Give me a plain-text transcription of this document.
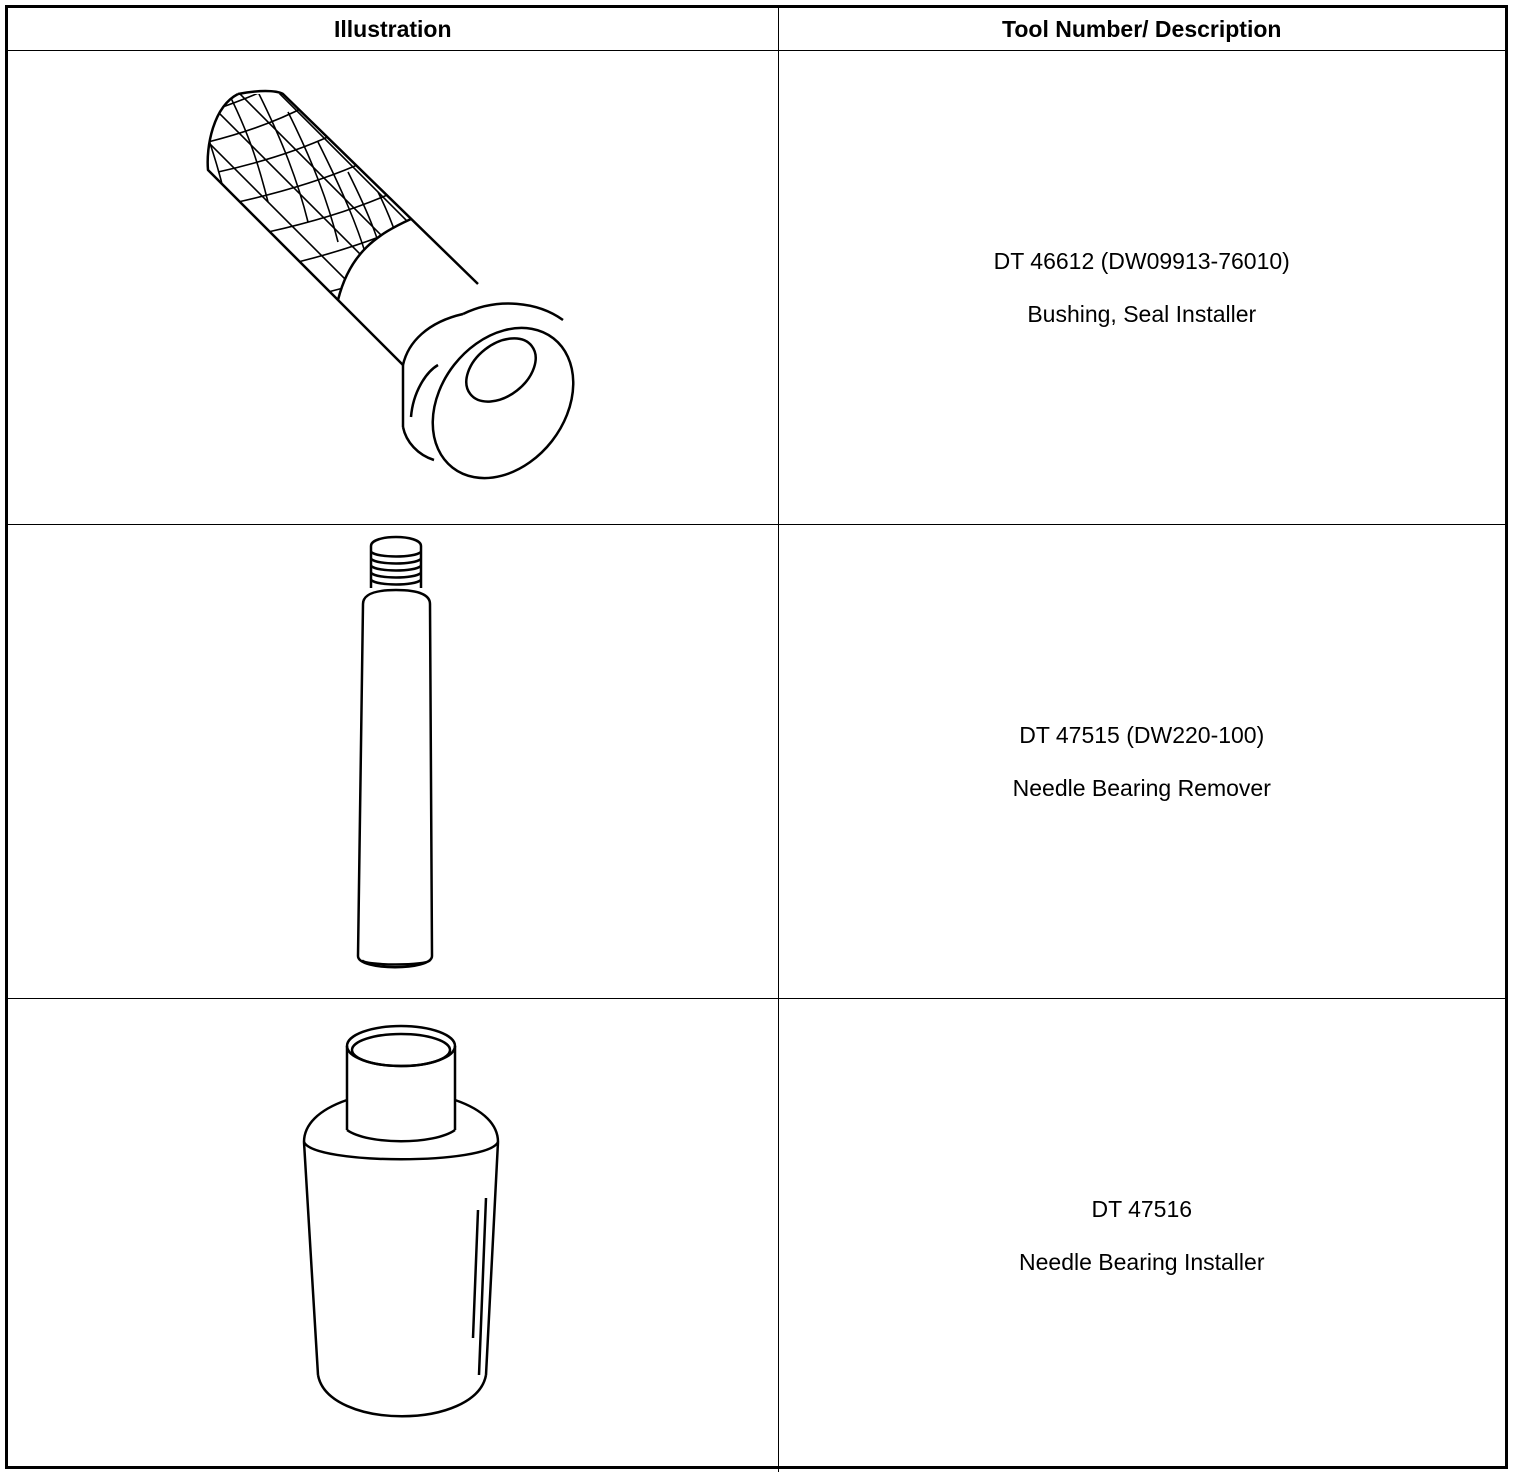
Illustration	Tool Number/ Description

DT 46612 (DW09913-76010)
Bushing, Seal Installer

DT 47515 (DW220-100)
Needle Bearing Remover

DT 47516
Needle Bearing Installer
